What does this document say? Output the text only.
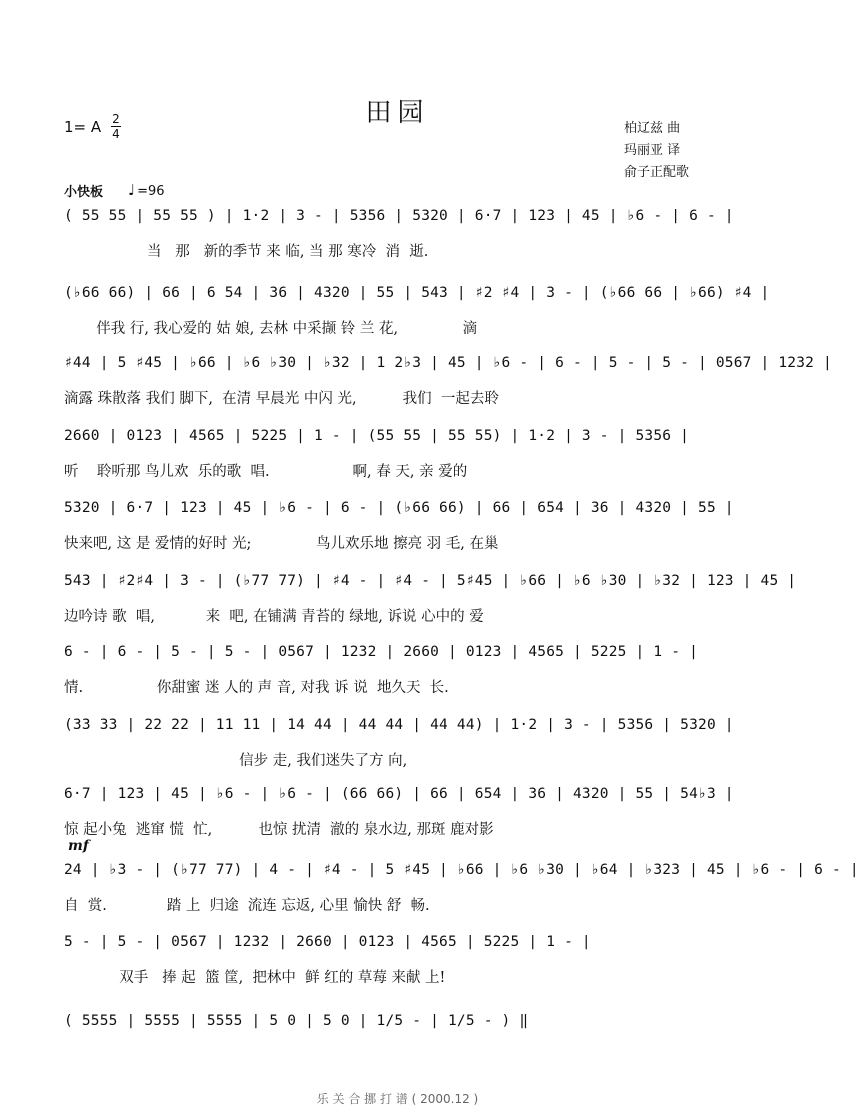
田园
1= A 2
4	柏辽兹 曲
玛丽亚 译
俞子正配歌
小快板 ♩ =96
mf
( 55 55 | 55 55 ) | 1·2 | 3 - | 5356 | 5320 | 6·7 | 123 | 45 | ♭6 - | 6 - |
当   那   新的季节 来 临, 当 那 寒冷  消  逝.
(♭66 66) | 66 | 6 54 | 36 | 4320 | 55 | 543 | ♯2 ♯4 | 3 - | (♭66 66 | ♭66) ♯4 |
伴我 行, 我心爱的 姑 娘, 去林 中采撷 铃 兰 花,              滴
♯44 | 5 ♯45 | ♭66 | ♭6 ♭30 | ♭32 | 1 2♭3 | 45 | ♭6 - | 6 - | 5 - | 5 - | 0567 | 1232 |
滴露 珠散落 我们 脚下,  在清 早晨光 中闪 光,          我们  一起去聆
2660 | 0123 | 4565 | 5225 | 1 - | (55 55 | 55 55) | 1·2 | 3 - | 5356 |
听    聆听那 鸟儿欢  乐的歌  唱.                  啊, 春 天, 亲 爱的
5320 | 6·7 | 123 | 45 | ♭6 - | 6 - | (♭66 66) | 66 | 654 | 36 | 4320 | 55 |
快来吧, 这 是 爱情的好时 光;              鸟儿欢乐地 擦亮 羽 毛, 在巢
543 | ♯2♯4 | 3 - | (♭77 77) | ♯4 - | ♯4 - | 5♯45 | ♭66 | ♭6 ♭30 | ♭32 | 123 | 45 |
边吟诗 歌  唱,           来  吧, 在铺满 青苔的 绿地, 诉说 心中的 爱
6 - | 6 - | 5 - | 5 - | 0567 | 1232 | 2660 | 0123 | 4565 | 5225 | 1 - |
情.                你甜蜜 迷 人的 声 音, 对我 诉 说  地久天  长.
(33 33 | 22 22 | 11 11 | 14 44 | 44 44 | 44 44) | 1·2 | 3 - | 5356 | 5320 |
信步 走, 我们迷失了方 向,
6·7 | 123 | 45 | ♭6 - | ♭6 - | (66 66) | 66 | 654 | 36 | 4320 | 55 | 54♭3 |
惊 起小兔  逃窜 慌  忙,          也惊 扰清  澈的 泉水边, 那斑 鹿对影
24 | ♭3 - | (♭77 77) | 4 - | ♯4 - | 5 ♯45 | ♭66 | ♭6 ♭30 | ♭64 | ♭323 | 45 | ♭6 - | 6 - |
自  赏.             踏 上  归途  流连 忘返, 心里 愉快 舒  畅.
5 - | 5 - | 0567 | 1232 | 2660 | 0123 | 4565 | 5225 | 1 - |
双手   捧 起  篮 筐,  把林中  鲜 红的 草莓 来献 上!
( 5555 | 5555 | 5555 | 5 0 | 5 0 | 1/5 - | 1/5 - ) ‖
乐 关 合 挪 打 谱 ( 2000.12 )
